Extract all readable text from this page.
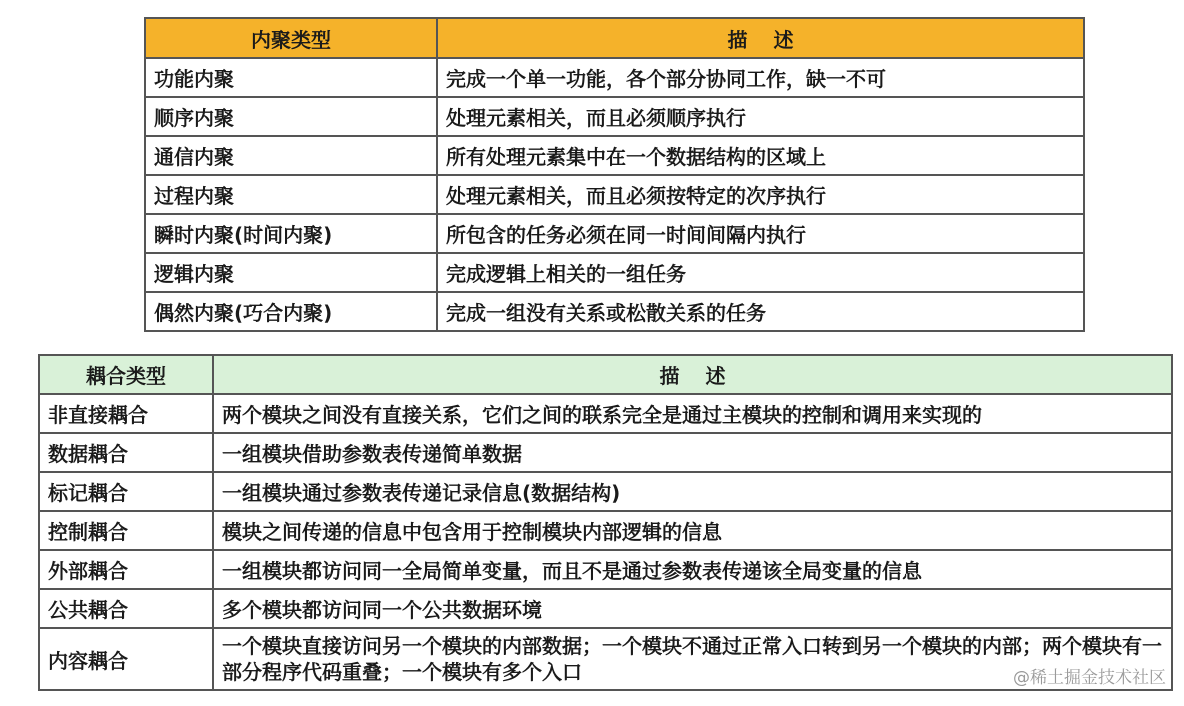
内聚类型	描述
功能内聚	完成一个单一功能，各个部分协同工作，缺一不可
顺序内聚	处理元素相关，而且必须顺序执行
通信内聚	所有处理元素集中在一个数据结构的区域上
过程内聚	处理元素相关，而且必须按特定的次序执行
瞬时内聚(时间内聚)	所包含的任务必须在同一时间间隔内执行
逻辑内聚	完成逻辑上相关的一组任务
偶然内聚(巧合内聚)	完成一组没有关系或松散关系的任务
耦合类型	描述
非直接耦合	两个模块之间没有直接关系，它们之间的联系完全是通过主模块的控制和调用来实现的
数据耦合	一组模块借助参数表传递简单数据
标记耦合	一组模块通过参数表传递记录信息(数据结构)
控制耦合	模块之间传递的信息中包含用于控制模块内部逻辑的信息
外部耦合	一组模块都访问同一全局简单变量，而且不是通过参数表传递该全局变量的信息
公共耦合	多个模块都访问同一个公共数据环境
内容耦合	一个模块直接访问另一个模块的内部数据；一个模块不通过正常入口转到另一个模块的内部；两个模块有一部分程序代码重叠；一个模块有多个入口	@稀土掘金技术社区
